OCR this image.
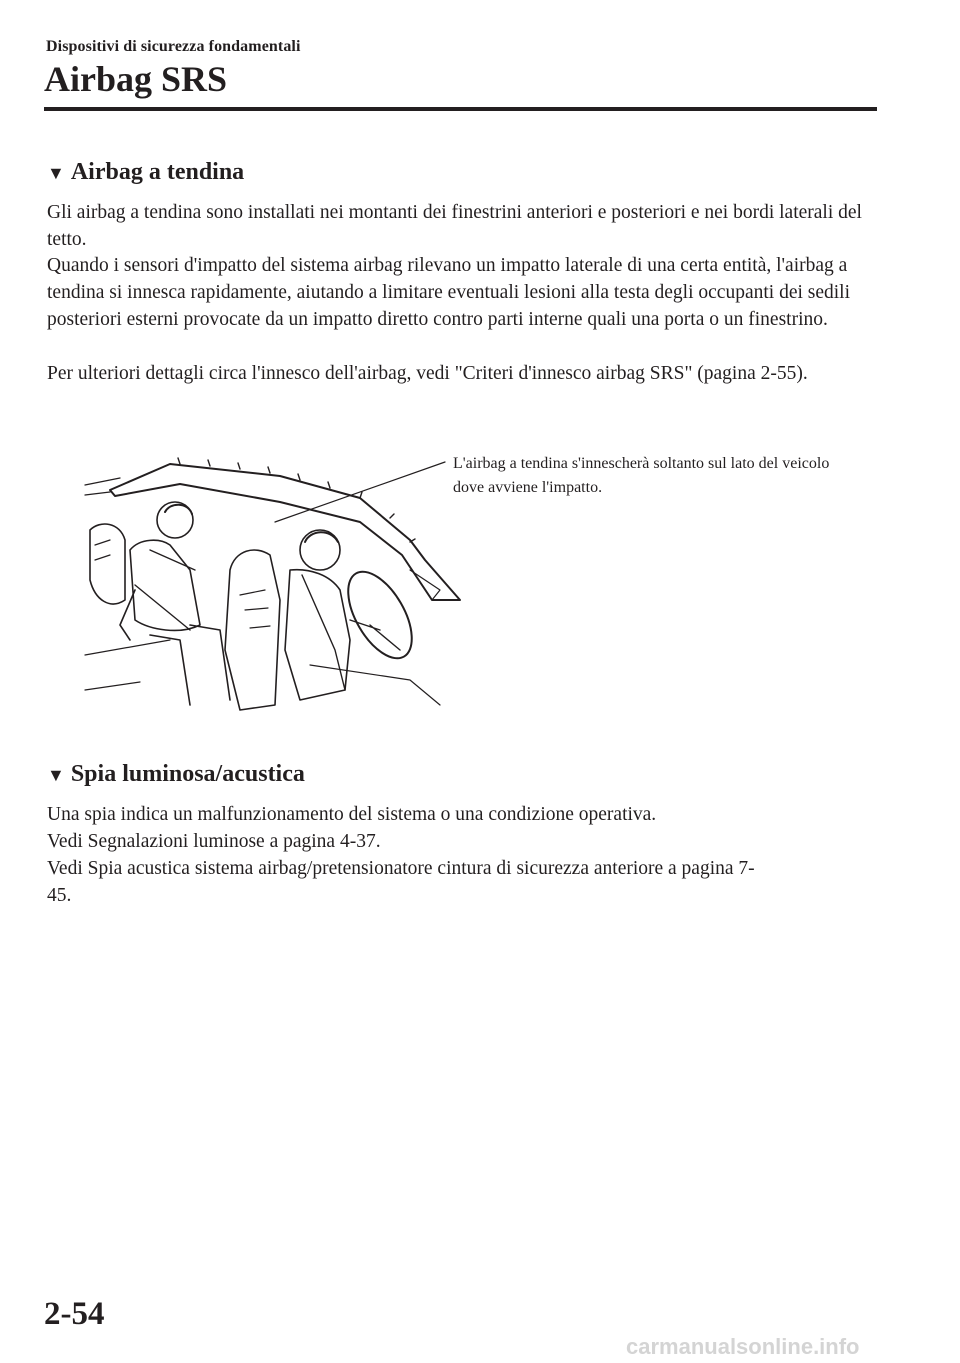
Dispositivi di sicurezza fondamentali
Airbag SRS
▼ Airbag a tendina

Gli airbag a tendina sono installati nei montanti dei finestrini anteriori e posteriori e nei bordi laterali del tetto.

Quando i sensori d'impatto del sistema airbag rilevano un impatto laterale di una certa entità, l'airbag a tendina si innesca rapidamente, aiutando a limitare eventuali lesioni alla testa degli occupanti dei sedili posteriori esterni provocate da un impatto diretto contro parti interne quali una porta o un finestrino.

Per ulteriori dettagli circa l'innesco dell'airbag, vedi "Criteri d'innesco airbag SRS" (pagina 2-55).

L'airbag a tendina s'innescherà soltanto sul lato del veicolo dove avviene l'impatto.

▼ Spia luminosa/acustica

Una spia indica un malfunzionamento del sistema o una condizione operativa.

Vedi Segnalazioni luminose a pagina 4-37.

Vedi Spia acustica sistema airbag/pretensionatore cintura di sicurezza anteriore a pagina 7-45.

2-54
carmanualsonline.info
